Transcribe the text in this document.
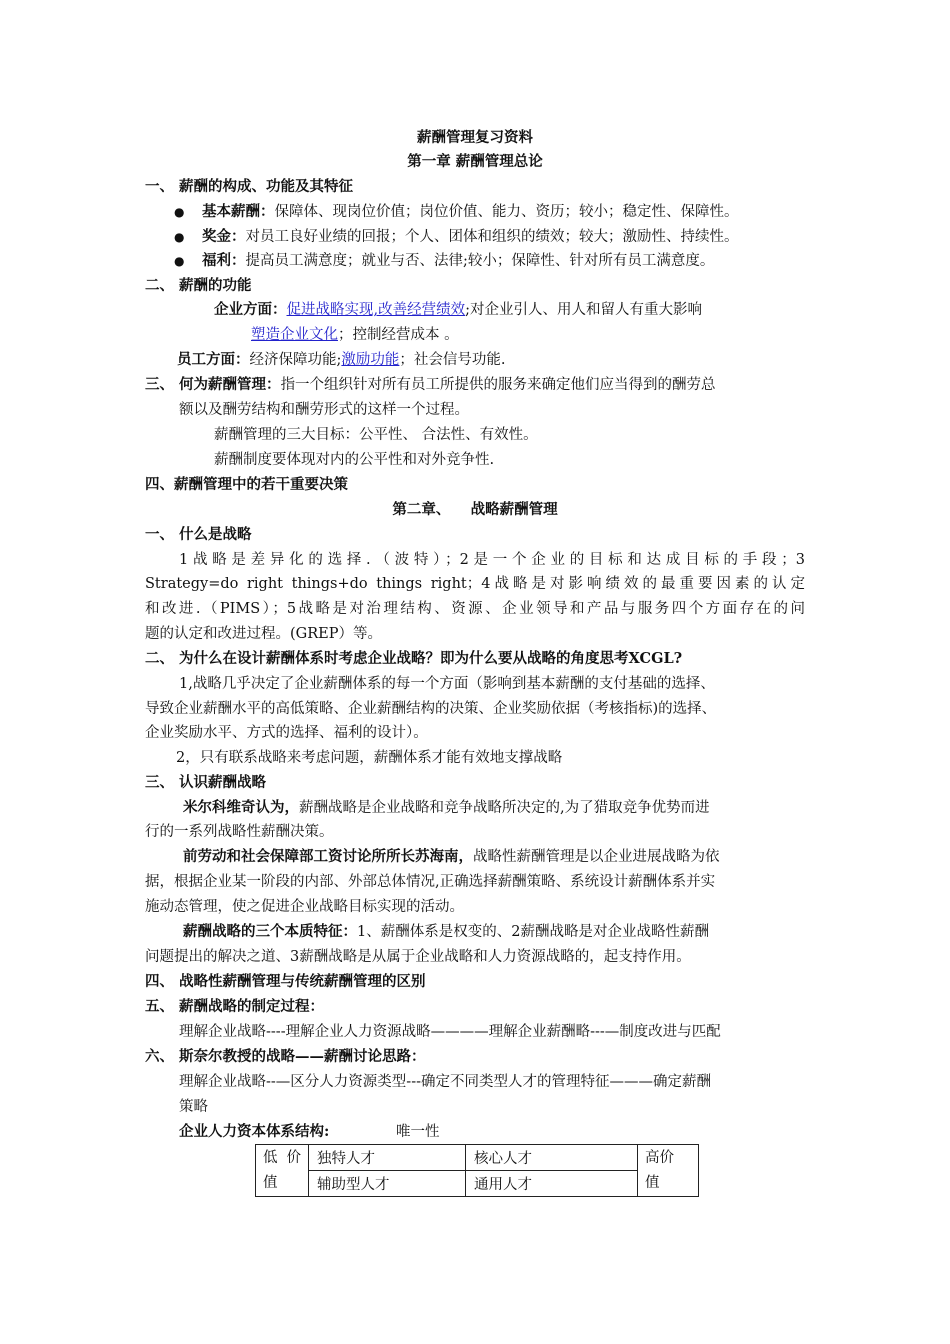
薪酬管理复习资料
第一章 薪酬管理总论
一、 薪酬的构成、功能及其特征
● 基本薪酬：保障体、现岗位价值；岗位价值、能力、资历；较小；稳定性、保障性。
● 奖金：对员工良好业绩的回报；个人、团体和组织的绩效；较大；激励性、持续性。
● 福利：提高员工满意度；就业与否、法律;较小；保障性、针对所有员工满意度。
二、 薪酬的功能
企业方面：促进战略实现,改善经营绩效;对企业引人、用人和留人有重大影响
塑造企业文化；控制经营成本 。
员工方面：经济保障功能;激励功能；社会信号功能.
三、 何为薪酬管理：指一个组织针对所有员工所提供的服务来确定他们应当得到的酬劳总
额以及酬劳结构和酬劳形式的这样一个过程。
薪酬管理的三大目标：公平性、 合法性、有效性。
薪酬制度要体现对内的公平性和对外竞争性.
四、薪酬管理中的若干重要决策
第二章、    战略薪酬管理
一、 什么是战略
1战略是差异化的选择.（波特）；2是一个企业的目标和达成目标的手段；3
Strategy=do right things+do things right；4战略是对影响绩效的最重要因素的认定
和改进.（PIMS）；5战略是对治理结构、资源、企业领导和产品与服务四个方面存在的问
题的认定和改进过程。(GREP）等。
二、 为什么在设计薪酬体系时考虑企业战略？即为什么要从战略的角度思考XCGL?
1,战略几乎决定了企业薪酬体系的每一个方面（影响到基本薪酬的支付基础的选择、
导致企业薪酬水平的高低策略、企业薪酬结构的决策、企业奖励依据（考核指标)的选择、
企业奖励水平、方式的选择、福利的设计）。
2，只有联系战略来考虑问题，薪酬体系才能有效地支撑战略
三、 认识薪酬战略
米尔科维奇认为，薪酬战略是企业战略和竞争战略所决定的,为了猎取竞争优势而进
行的一系列战略性薪酬决策。
前劳动和社会保障部工资讨论所所长苏海南，战略性薪酬管理是以企业进展战略为依
据，根据企业某一阶段的内部、外部总体情况,正确选择薪酬策略、系统设计薪酬体系并实
施动态管理，使之促进企业战略目标实现的活动。
薪酬战略的三个本质特征：1、薪酬体系是权变的、2薪酬战略是对企业战略性薪酬
问题提出的解决之道、3薪酬战略是从属于企业战略和人力资源战略的，起支持作用。
四、 战略性薪酬管理与传统薪酬管理的区别
五、 薪酬战略的制定过程：
理解企业战略----理解企业人力资源战略————理解企业薪酬略---—制度改进与匹配
六、 斯奈尔教授的战略——薪酬讨论思路：
理解企业战略--—区分人力资源类型---确定不同类型人才的管理特征———确定薪酬
策略
企业人力资本体系结构:	唯一性
低 价 值	独特人才	核心人才	高价 值
	辅助型人才	通用人才	
